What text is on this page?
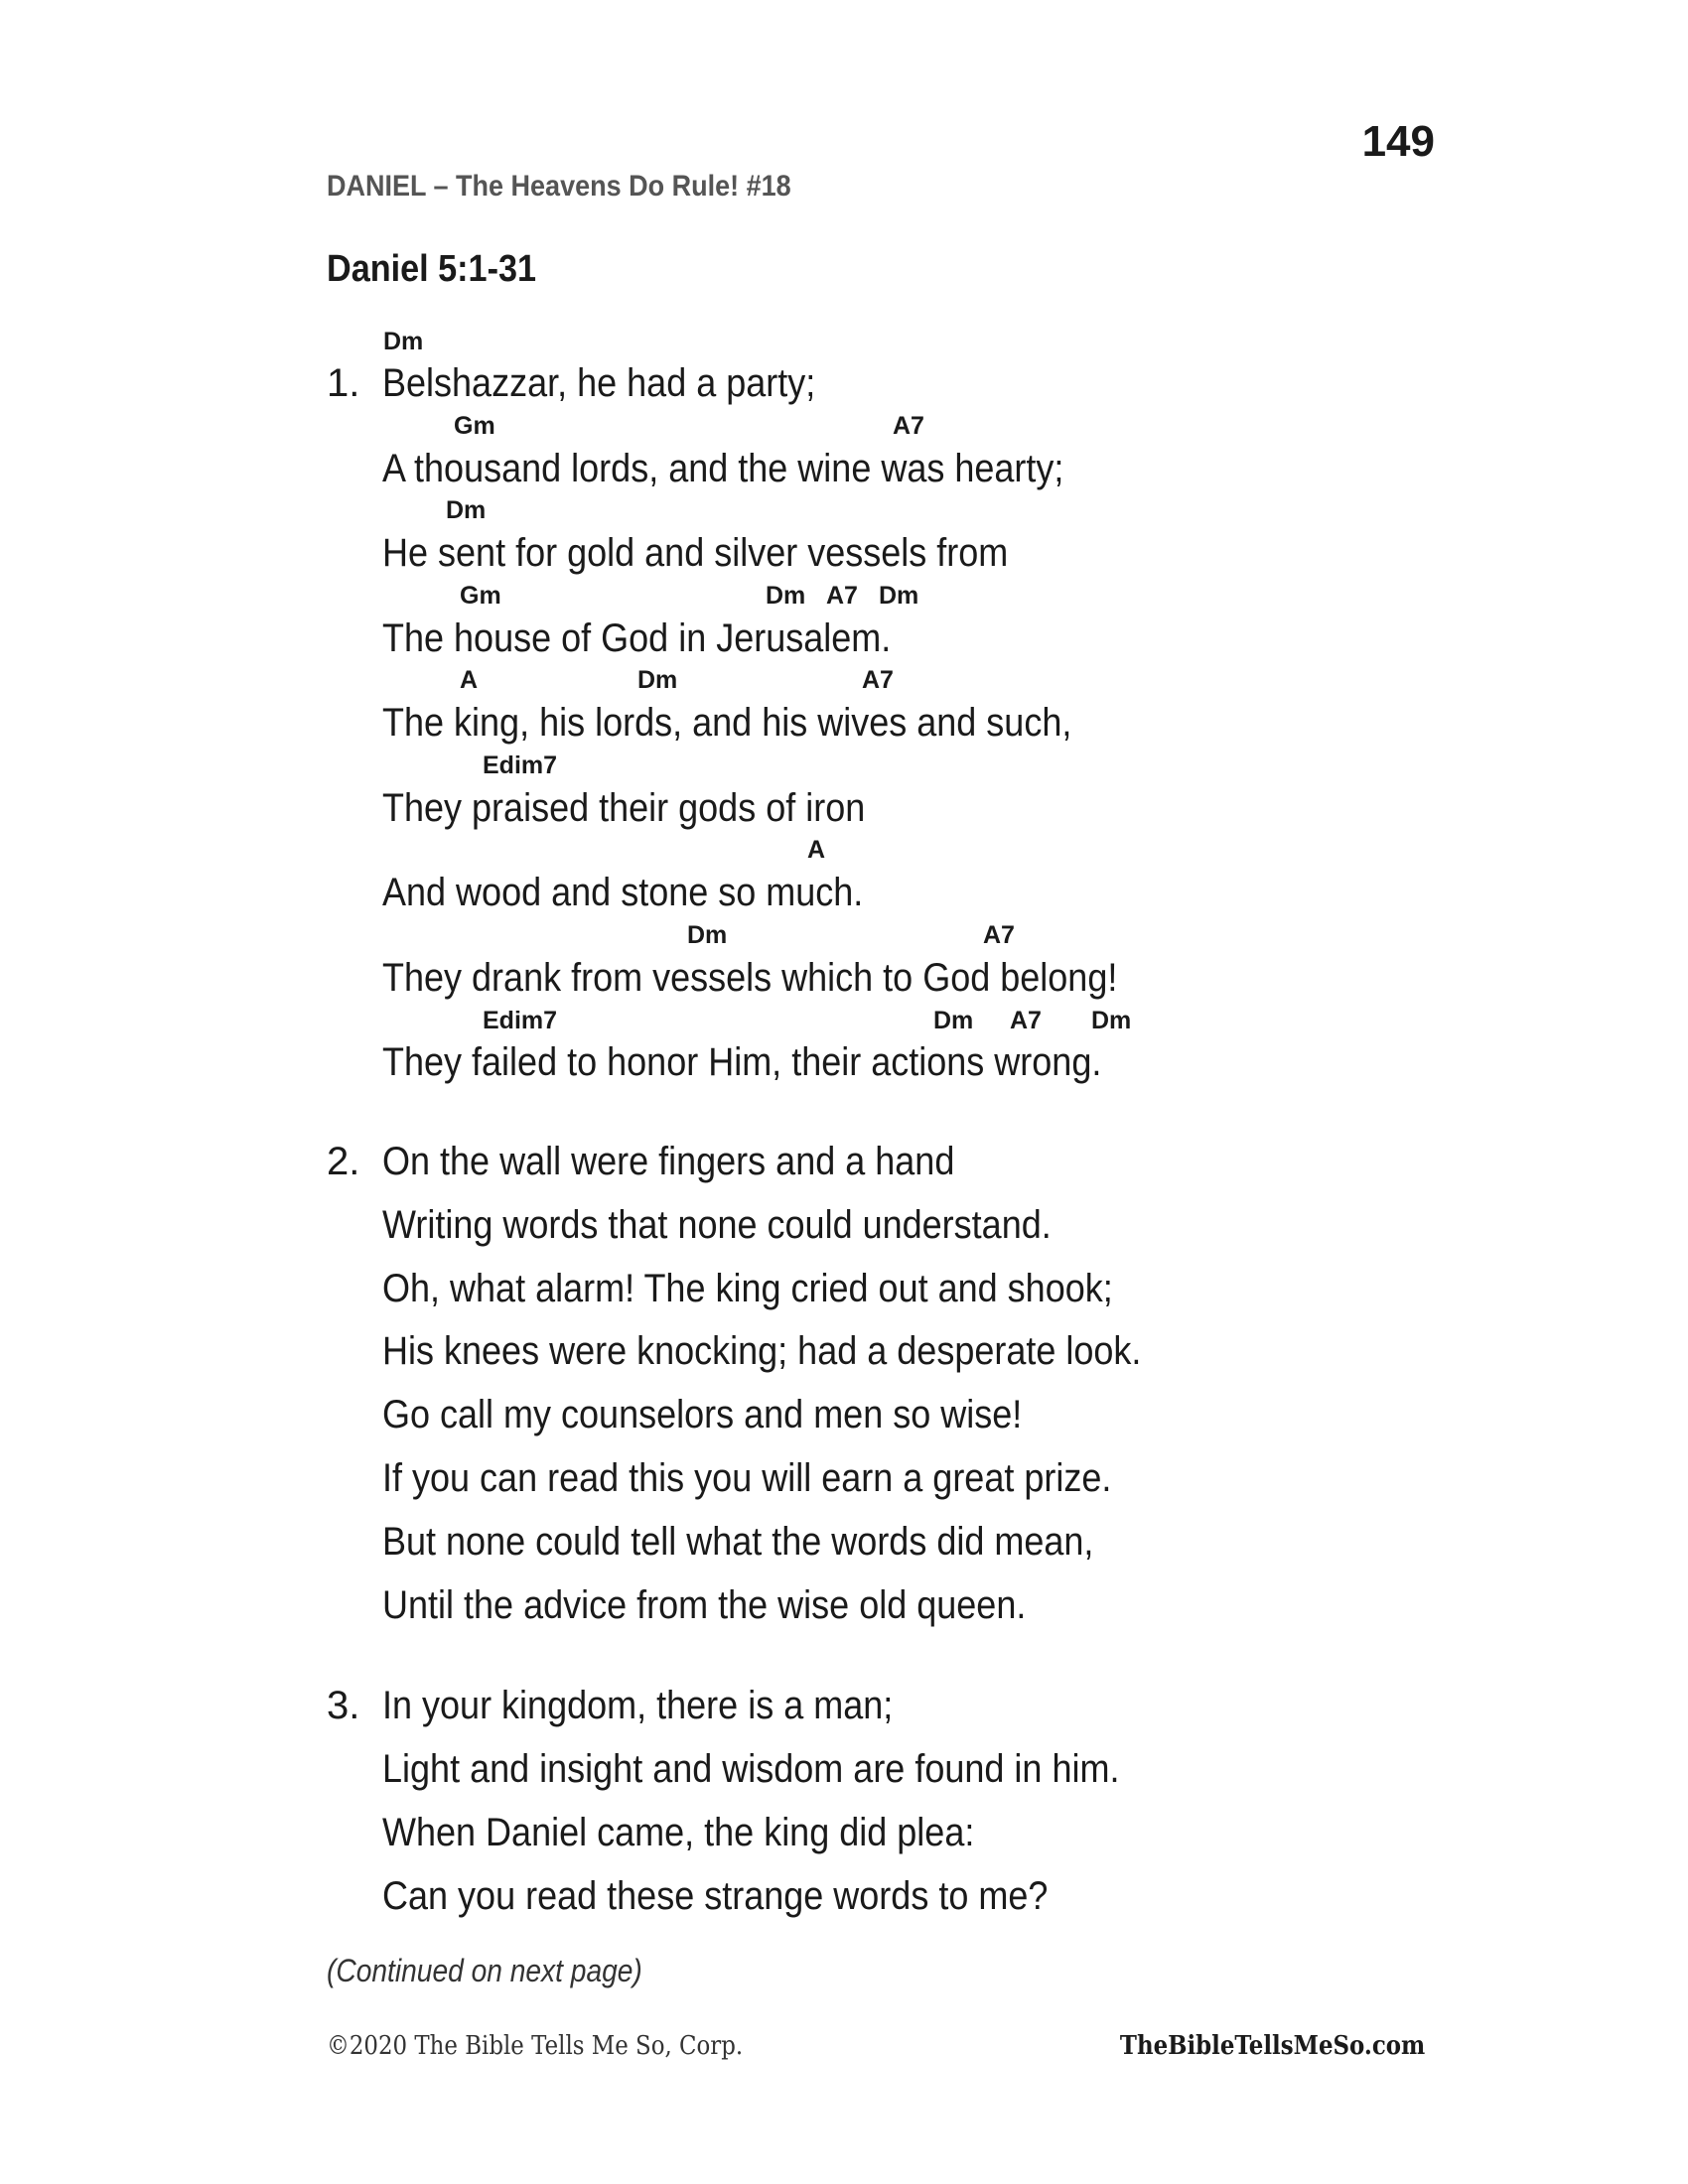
149
DANIEL – The Heavens Do Rule! #18
Daniel 5:1-31
1.
Dm
Belshazzar, he had a party;
Gm	A7
A thousand lords, and the wine was hearty;
Dm
He sent for gold and silver vessels from
Gm	Dm A7 Dm
The house of God in Jerusalem.
A	Dm	A7
The king, his lords, and his wives and such,
Edim7
They praised their gods of iron
A
And wood and stone so much.
Dm	A7
They drank from vessels which to God belong!
Edim7	Dm A7 Dm
They failed to honor Him, their actions wrong.
2. On the wall were fingers and a hand
Writing words that none could understand.
Oh, what alarm! The king cried out and shook;
His knees were knocking; had a desperate look.
Go call my counselors and men so wise!
If you can read this you will earn a great prize.
But none could tell what the words did mean,
Until the advice from the wise old queen.
3. In your kingdom, there is a man;
Light and insight and wisdom are found in him.
When Daniel came, the king did plea:
Can you read these strange words to me?
(Continued on next page)
©2020 The Bible Tells Me So, Corp.	TheBibleTellsMeSo.com
